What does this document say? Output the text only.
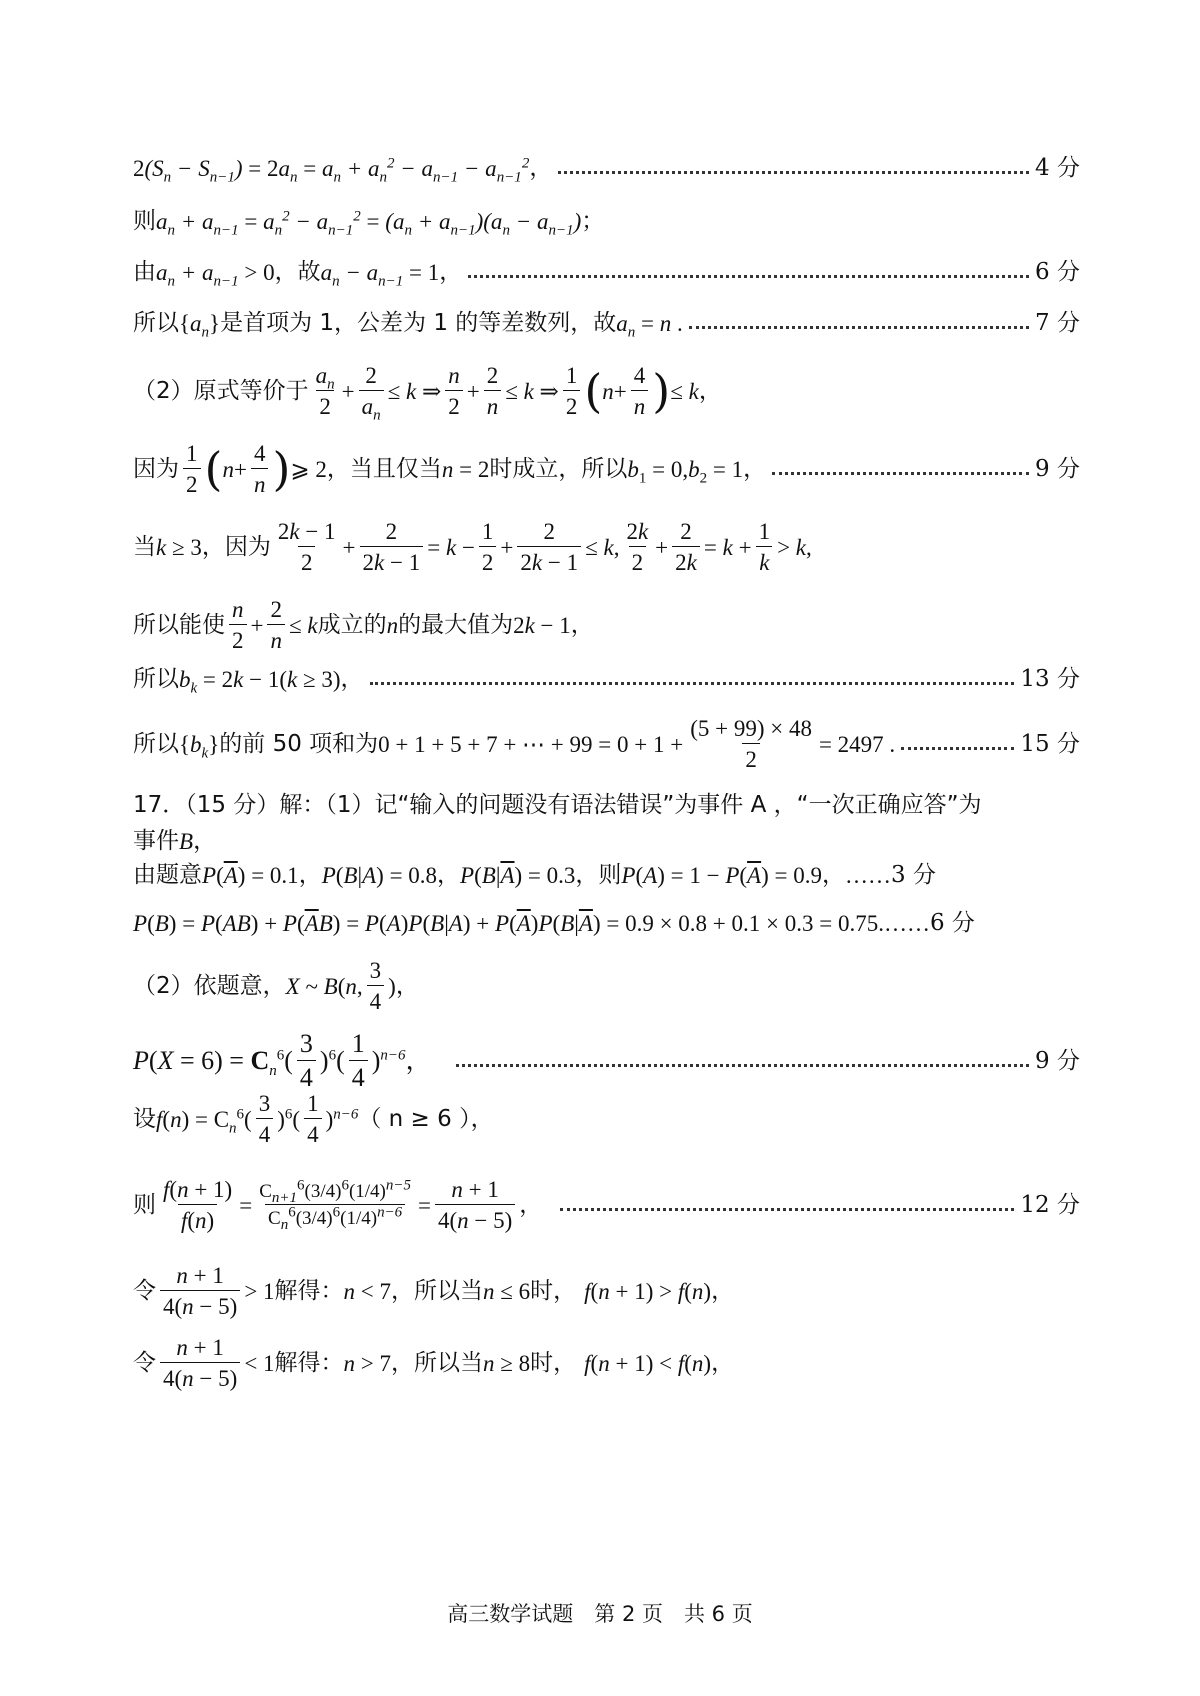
$2(S_n - S_{n-1}) = 2a_n = a_n + a_n^2 - a_{n-1} - a_{n-1}^2$ ，	4 分
则 $a_n + a_{n-1} = a_n^2 - a_{n-1}^2 = (a_n + a_{n-1})(a_n - a_{n-1})$ ；
由 $a_n + a_{n-1} > 0$ ，故 $a_n - a_{n-1} = 1$ ，	6 分
所以 $\{a_n\}$ 是首项为 1，公差为 1 的等差数列，故 $a_n = n$ .	7 分
（2）原式等价于 $\frac{a_n}{2} + \frac{2}{a_n} \le k$ ⇒ $\frac{n}{2} + \frac{2}{n} \le k$ ⇒ $\frac{1}{2}$ ( $n+ \frac{4}{n}$ ) ≤ k ，
因为 $\frac{1}{2}$ ( $n+ \frac{4}{n}$ ) ⩾ 2 ，当且仅当 n = 2 时成立，所以 $b_1 = 0,b_2 = 1$ ，	9 分
当 k ≥ 3 ，因为 $\frac{2k - 1}{2} + \frac{2}{2k - 1} = k - \frac{1}{2} + \frac{2}{2k - 1} \le k$, $\frac{2k}{2} + \frac{2}{2k} = k + \frac{1}{k} > k$,
所以能使 $\frac{n}{2} + \frac{2}{n} \le k$ 成立的 n 的最大值为 2k − 1 ，
所以 $b_k = 2k - 1(k \ge 3)$ ，	13 分
所以 $\{b_k\}$ 的前 50 项和为 0 + 1 + 5 + 7 + ⋯ + $99 = 0 + 1 + \frac{(5 + 99) \times 48}{2} = 2497$ .	15 分
17．（15 分）解：（1）记“输入的问题没有语法错误”为事件 A ，“一次正确应答”为
事件 B ，
由题意 $P(\overline{A}) = 0.1$ ， P(B|A) = 0.8 ， $P(B|\overline{A}) = 0.3$ ，则 $P(A) = 1 - P(\overline{A}) = 0.9$ ， …… 3 分
$P(B) = P(AB) + P(\overline{A}B) = P(A)P(B|A) + P(\overline{A})P(B|\overline{A}) = 0.9 \times 0.8 + 0.1 \times 0.3 = 0.75$. …… 6 分
（2）依题意， X ~ B(n, $\frac{3}{4}$ ) ，
$P(X = 6) = C_n^6( \frac{3}{4} )^6( \frac{1}{4} )^{n-6}$ ，	9 分
设 $f(n) = C_n^6( \frac{3}{4} )^6( \frac{1}{4} )^{n-6}$ （ n ≥ 6 ），
则 $\frac{f(n + 1)}{f(n)} = \frac{C_{n+1}^6(3/4)^6(1/4)^{n-5}}{C_n^6(3/4)^6(1/4)^{n-6}} = \frac{n + 1}{4(n - 5)}$ ，	12 分
令 $\frac{n + 1}{4(n - 5)} > 1$ 解得： n < 7 ，所以当 n ≤ 6 时， f(n + 1) > f(n) ，
令 $\frac{n + 1}{4(n - 5)} < 1$ 解得： n > 7 ，所以当 n ≥ 8 时， f(n + 1) < f(n) ，
高三数学试题　第 2 页　共 6 页
